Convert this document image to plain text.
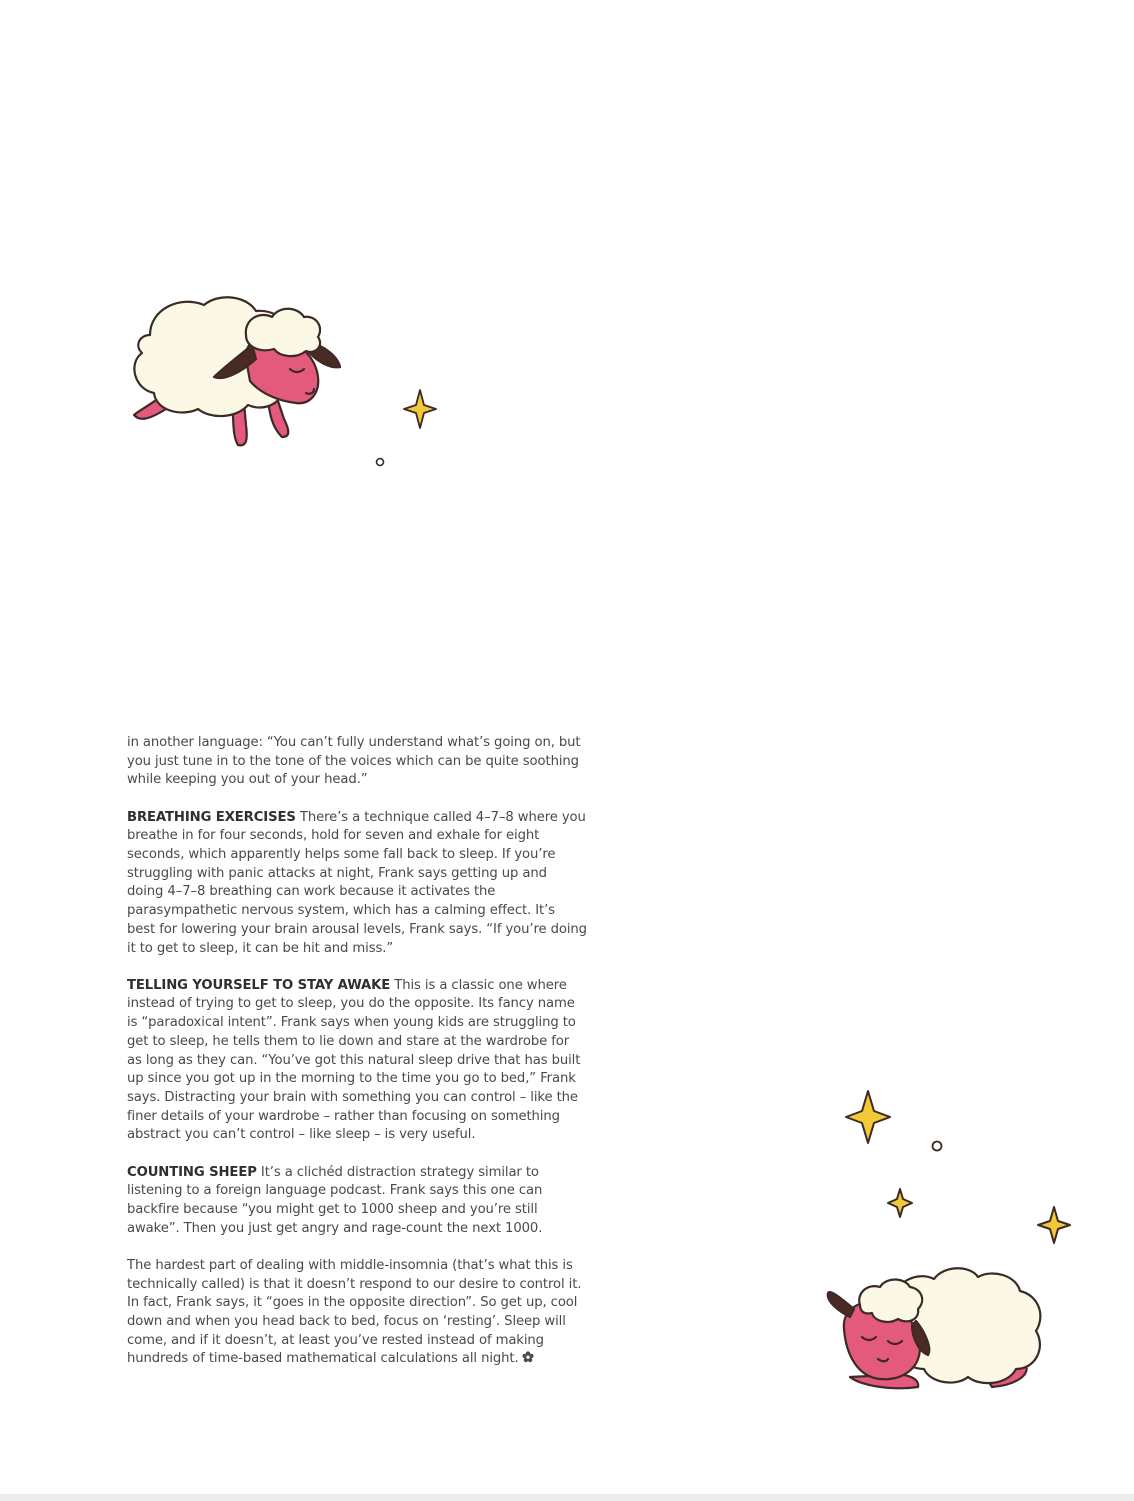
in another language: “You can’t fully understand what’s going on, but you just tune in to the tone of the voices which can be quite soothing while keeping you out of your head.”

BREATHING EXERCISES There’s a technique called 4–7–8 where you breathe in for four seconds, hold for seven and exhale for eight seconds, which apparently helps some fall back to sleep. If you’re struggling with panic attacks at night, Frank says getting up and doing 4–7–8 breathing can work because it activates the parasympathetic nervous system, which has a calming effect. It’s best for lowering your brain arousal levels, Frank says. “If you’re doing it to get to sleep, it can be hit and miss.”

TELLING YOURSELF TO STAY AWAKE This is a classic one where instead of trying to get to sleep, you do the opposite. Its fancy name is “paradoxical intent”. Frank says when young kids are struggling to get to sleep, he tells them to lie down and stare at the wardrobe for as long as they can. “You’ve got this natural sleep drive that has built up since you got up in the morning to the time you go to bed,” Frank says. Distracting your brain with something you can control – like the finer details of your wardrobe – rather than focusing on something abstract you can’t control – like sleep – is very useful.

COUNTING SHEEP It’s a clichéd distraction strategy similar to listening to a foreign language podcast. Frank says this one can backfire because “you might get to 1000 sheep and you’re still awake”. Then you just get angry and rage-count the next 1000.

The hardest part of dealing with middle-insomnia (that’s what this is technically called) is that it doesn’t respond to our desire to control it. In fact, Frank says, it “goes in the opposite direction”. So get up, cool down and when you head back to bed, focus on ‘resting’. Sleep will come, and if it doesn’t, at least you’ve rested instead of making hundreds of time-based mathematical calculations all night.
